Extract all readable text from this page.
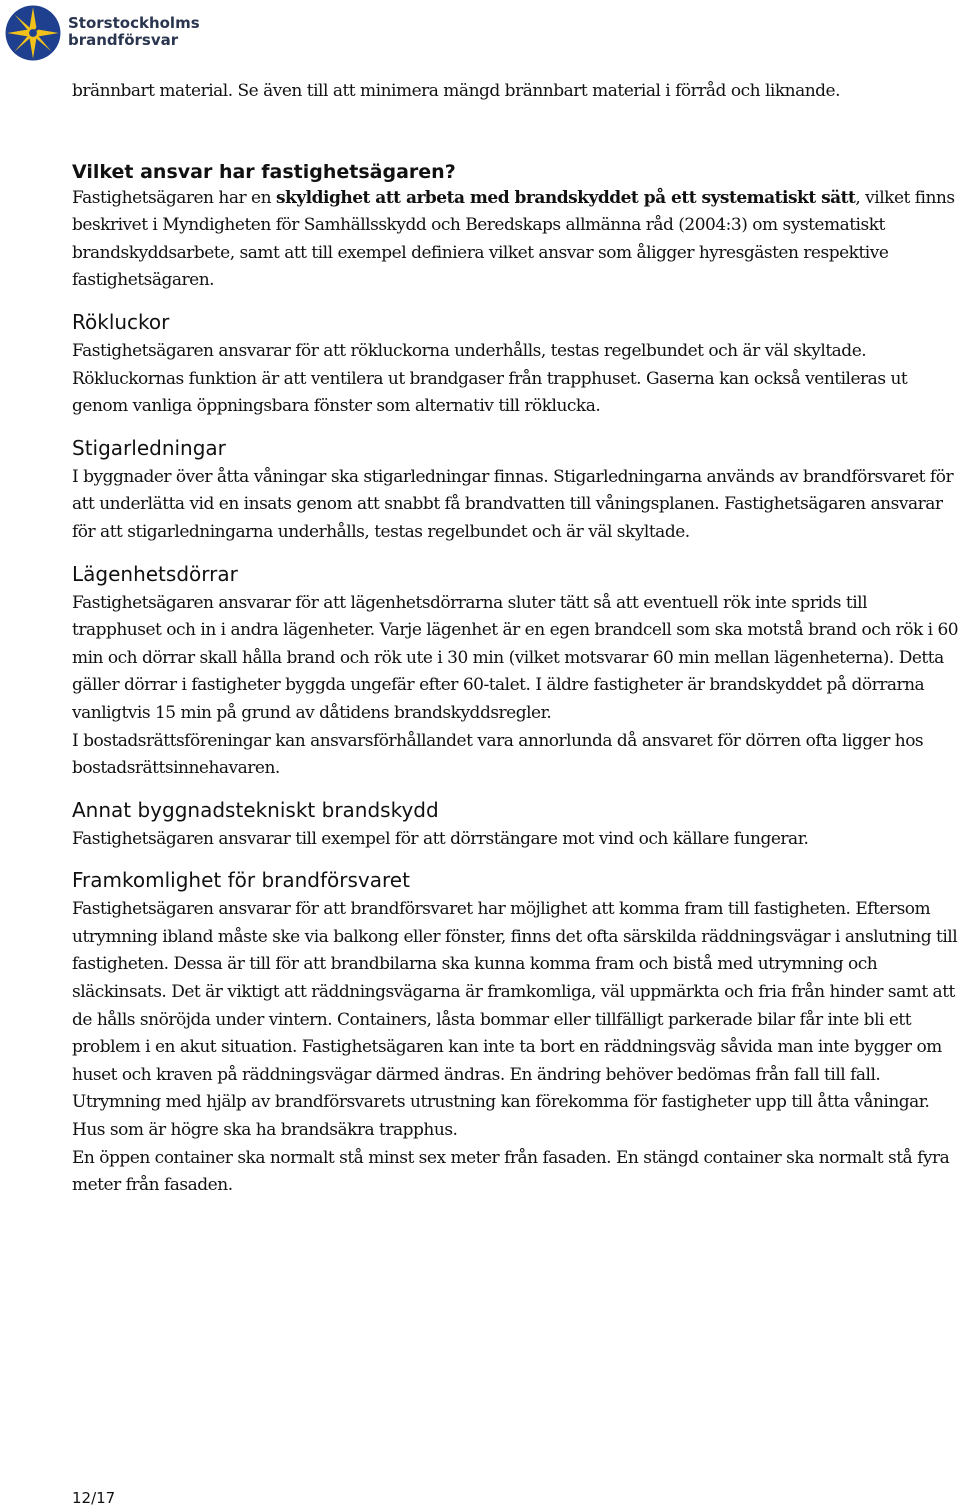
Storstockholms
brandförsvar

brännbart material. Se även till att minimera mängd brännbart material i förråd och liknande.

Vilket ansvar har fastighetsägaren?

Fastighetsägaren har en skyldighet att arbeta med brandskyddet på ett systematiskt sätt, vilket finns beskrivet i Myndigheten för Samhällsskydd och Beredskaps allmänna råd (2004:3) om systematiskt brandskyddsarbete, samt att till exempel definiera vilket ansvar som åligger hyresgästen respektive fastighetsägaren.

Rökluckor

Fastighetsägaren ansvarar för att rökluckorna underhålls, testas regelbundet och är väl skyltade. Rökluckornas funktion är att ventilera ut brandgaser från trapphuset. Gaserna kan också ventileras ut genom vanliga öppningsbara fönster som alternativ till röklucka.

Stigarledningar

I byggnader över åtta våningar ska stigarledningar finnas. Stigarledningarna används av brandförsvaret för att underlätta vid en insats genom att snabbt få brandvatten till våningsplanen. Fastighetsägaren ansvarar för att stigarledningarna underhålls, testas regelbundet och är väl skyltade.

Lägenhetsdörrar

Fastighetsägaren ansvarar för att lägenhetsdörrarna sluter tätt så att eventuell rök inte sprids till trapphuset och in i andra lägenheter. Varje lägenhet är en egen brandcell som ska motstå brand och rök i 60 min och dörrar skall hålla brand och rök ute i 30 min (vilket motsvarar 60 min mellan lägenheterna). Detta gäller dörrar i fastigheter byggda ungefär efter 60-talet. I äldre fastigheter är brandskyddet på dörrarna vanligtvis 15 min på grund av dåtidens brandskyddsregler.

I bostadsrättsföreningar kan ansvarsförhållandet vara annorlunda då ansvaret för dörren ofta ligger hos bostadsrättsinnehavaren.

Annat byggnadstekniskt brandskydd

Fastighetsägaren ansvarar till exempel för att dörrstängare mot vind och källare fungerar.

Framkomlighet för brandförsvaret

Fastighetsägaren ansvarar för att brandförsvaret har möjlighet att komma fram till fastigheten. Eftersom utrymning ibland måste ske via balkong eller fönster, finns det ofta särskilda räddningsvägar i anslutning till fastigheten. Dessa är till för att brandbilarna ska kunna komma fram och bistå med utrymning och släckinsats. Det är viktigt att räddningsvägarna är framkomliga, väl uppmärkta och fria från hinder samt att de hålls snöröjda under vintern. Containers, låsta bommar eller tillfälligt parkerade bilar får inte bli ett problem i en akut situation. Fastighetsägaren kan inte ta bort en räddningsväg såvida man inte bygger om huset och kraven på räddningsvägar därmed ändras. En ändring behöver bedömas från fall till fall.

Utrymning med hjälp av brandförsvarets utrustning kan förekomma för fastigheter upp till åtta våningar. Hus som är högre ska ha brandsäkra trapphus.

En öppen container ska normalt stå minst sex meter från fasaden. En stängd container ska normalt stå fyra meter från fasaden.

12/17
